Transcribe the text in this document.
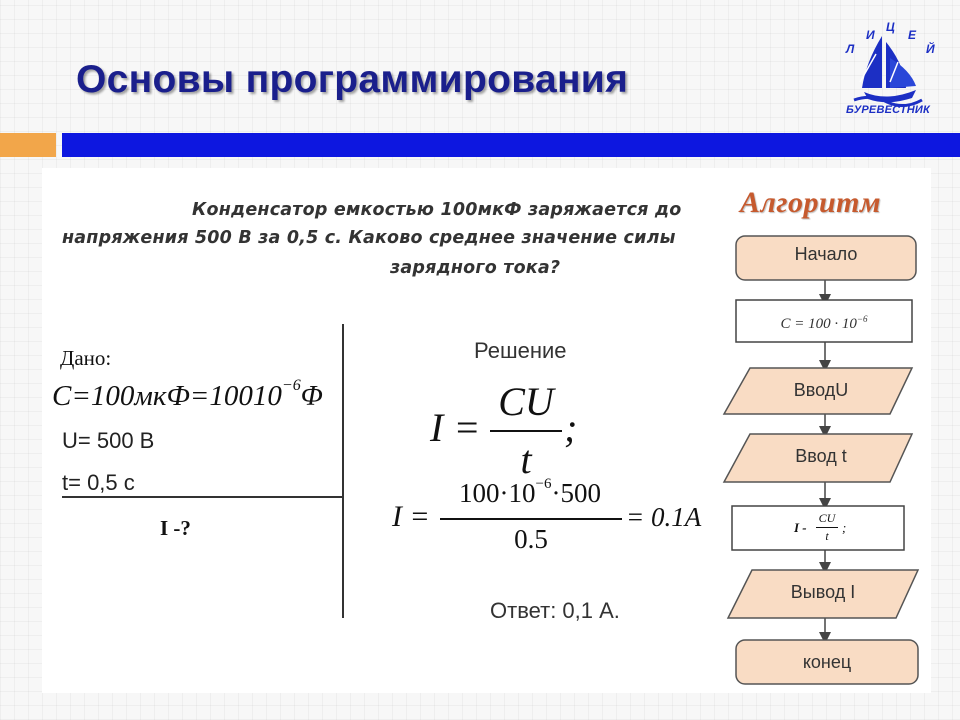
Основы программирования
Л
И
Ц
Е
Й
БУРЕВЕСТНИК
Конденсатор емкостью 100мкФ заряжается до
напряжения 500 В за 0,5 с. Каково среднее значение силы
зарядного тока?
Дано:
$C=100мкФ=10010^{-6}\Phi$
U= 500 B
t= 0,5 c
I -?
Решение
I =
CU
t
;
I =
$100\cdot 10^{-6}\cdot 500$
0.5
= 0.1A
Ответ: 0,1 А.
Алгоритм
Начало
$C = 100 \cdot 10^{-6}$
ВводU
Ввод t
I -
CU
t
;
Вывод I
конец
